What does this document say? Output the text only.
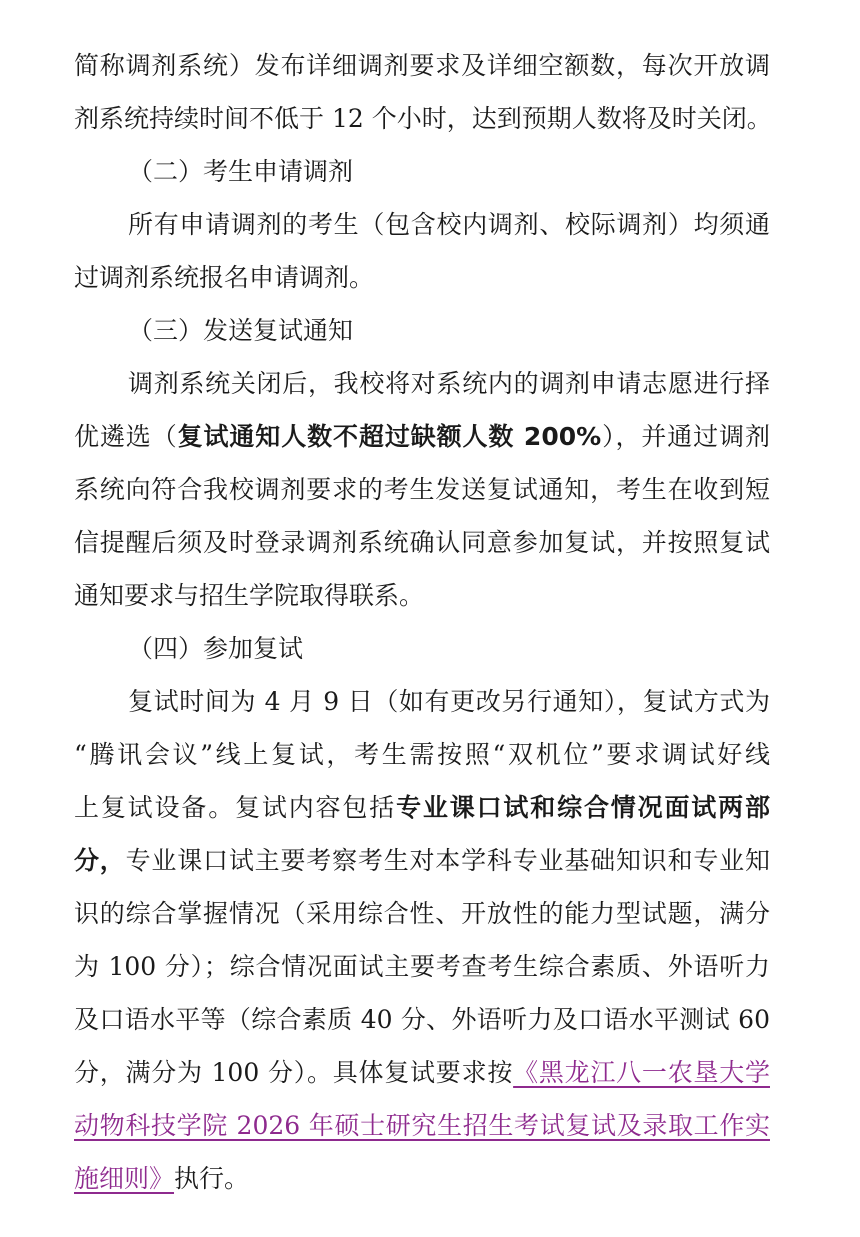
简称调剂系统）发布详细调剂要求及详细空额数，每次开放调
剂系统持续时间不低于 12 个小时，达到预期人数将及时关闭。
（二）考生申请调剂
所有申请调剂的考生（包含校内调剂、校际调剂）均须通
过调剂系统报名申请调剂。
（三）发送复试通知
调剂系统关闭后，我校将对系统内的调剂申请志愿进行择
优遴选（复试通知人数不超过缺额人数 200%），并通过调剂
系统向符合我校调剂要求的考生发送复试通知，考生在收到短
信提醒后须及时登录调剂系统确认同意参加复试，并按照复试
通知要求与招生学院取得联系。
（四）参加复试
复试时间为 4 月 9 日（如有更改另行通知），复试方式为
“腾讯会议”线上复试，考生需按照“双机位”要求调试好线
上复试设备。复试内容包括专业课口试和综合情况面试两部
分，专业课口试主要考察考生对本学科专业基础知识和专业知
识的综合掌握情况（采用综合性、开放性的能力型试题，满分
为 100 分）；综合情况面试主要考查考生综合素质、外语听力
及口语水平等（综合素质 40 分、外语听力及口语水平测试 60
分，满分为 100 分）。具体复试要求按《黑龙江八一农垦大学
动物科技学院 2026 年硕士研究生招生考试复试及录取工作实
施细则》执行。
